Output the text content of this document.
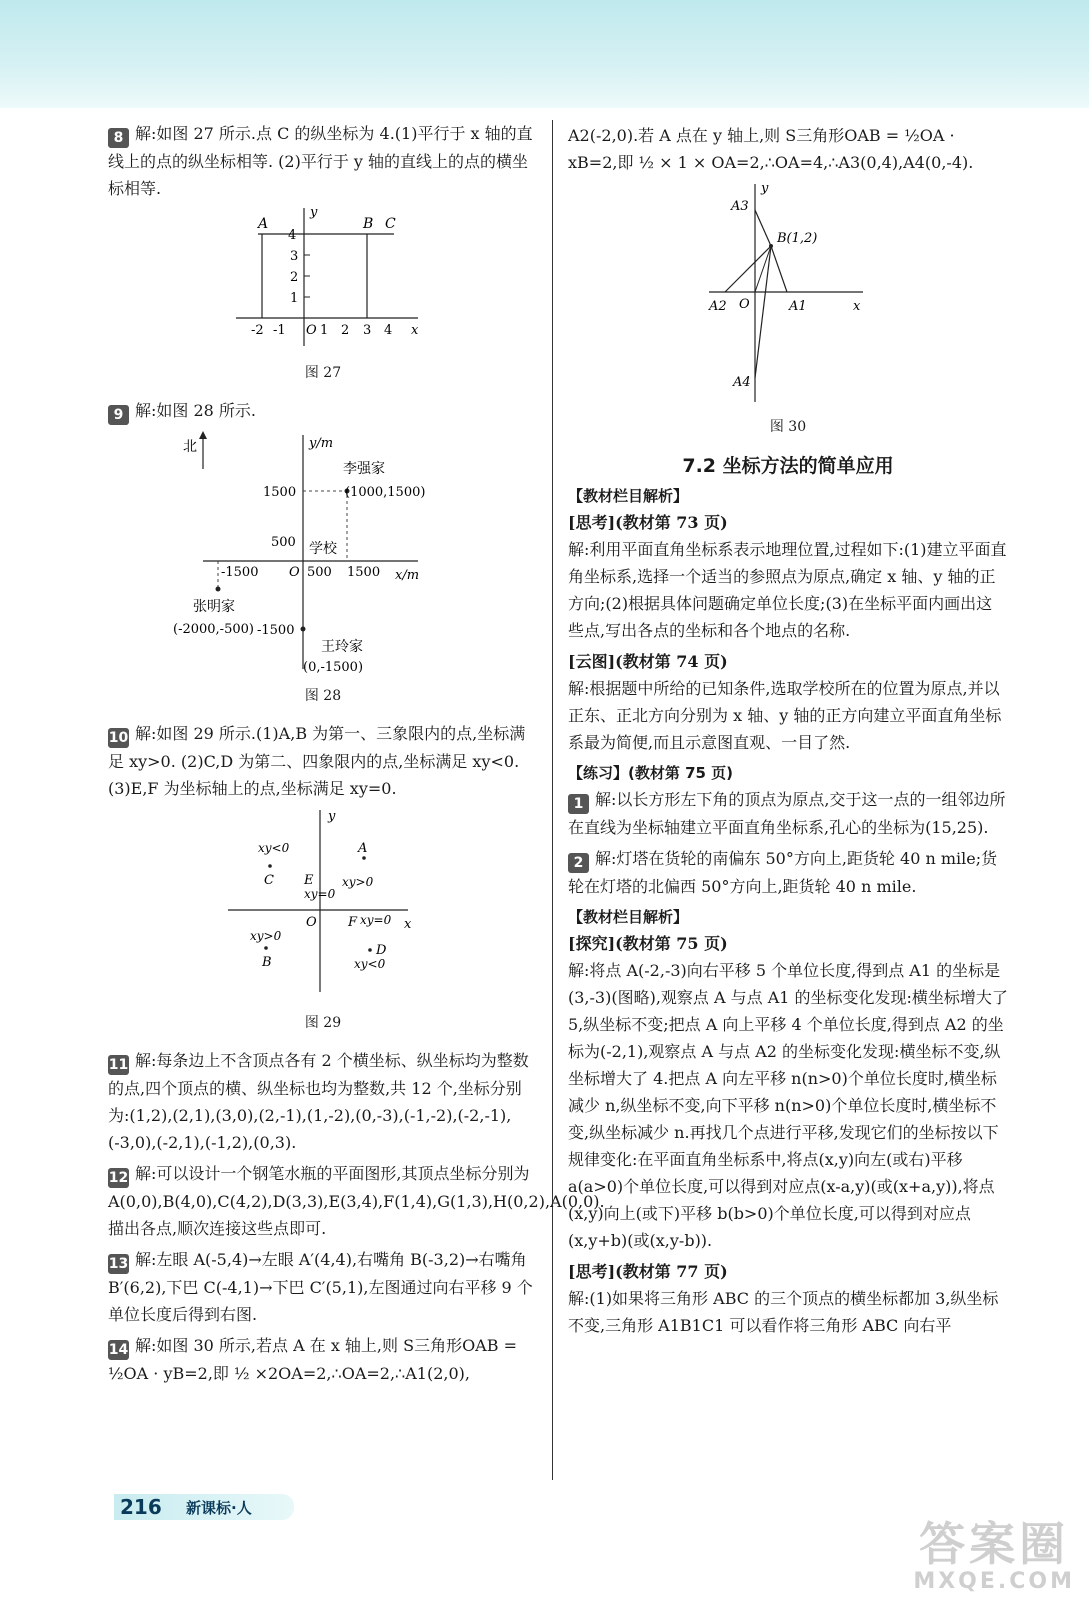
8 解:如图 27 所示.点 C 的纵坐标为 4.(1)平行于 x 轴的直线上的点的纵坐标相等. (2)平行于 y 轴的直线上的点的横坐标相等.

A	B C
y
x
O
4
3
2
1
-2 -1	1 2 3 4
图 27

9 解:如图 28 所示.

北	y/m
x/m
O
1500
500
-1500
-1500	500 1500
学校
李强家
(1000,1500)
张明家
(-2000,-500)
王玲家
(0,-1500)
图 28

10 解:如图 29 所示.(1)A,B 为第一、三象限内的点,坐标满足 xy>0. (2)C,D 为第二、四象限内的点,坐标满足 xy<0. (3)E,F 为坐标轴上的点,坐标满足 xy=0.

y
x
O
xy<0
C
A
xy>0
E
xy=0
F xy=0
xy>0
B
D
xy<0
图 29

11 解:每条边上不含顶点各有 2 个横坐标、纵坐标均为整数的点,四个顶点的横、纵坐标也均为整数,共 12 个,坐标分别为:(1,2),(2,1),(3,0),(2,-1),(1,-2),(0,-3),(-1,-2),(-2,-1),(-3,0),(-2,1),(-1,2),(0,3).

12 解:可以设计一个钢笔水瓶的平面图形,其顶点坐标分别为 A(0,0),B(4,0),C(4,2),D(3,3),E(3,4),F(1,4),G(1,3),H(0,2),A(0,0).描出各点,顺次连接这些点即可.

13 解:左眼 A(-5,4)→左眼 A′(4,4),右嘴角 B(-3,2)→右嘴角 B′(6,2),下巴 C(-4,1)→下巴 C′(5,1),左图通过向右平移 9 个单位长度后得到右图.

14 解:如图 30 所示,若点 A 在 x 轴上,则 S三角形OAB = ½OA · yB=2,即 ½ ×2OA=2,∴OA=2,∴A1(2,0),

A2(-2,0).若 A 点在 y 轴上,则 S三角形OAB = ½OA · xB=2,即 ½ × 1 × OA=2,∴OA=4,∴A3(0,4),A4(0,-4).

y
x
O
B(1,2)
A1
A2
A3
A4
图 30
7.2 坐标方法的简单应用
【教材栏目解析】
[思考](教材第 73 页)

解:利用平面直角坐标系表示地理位置,过程如下:(1)建立平面直角坐标系,选择一个适当的参照点为原点,确定 x 轴、y 轴的正方向;(2)根据具体问题确定单位长度;(3)在坐标平面内画出这些点,写出各点的坐标和各个地点的名称.

[云图](教材第 74 页)

解:根据题中所给的已知条件,选取学校所在的位置为原点,并以正东、正北方向分别为 x 轴、y 轴的正方向建立平面直角坐标系最为简便,而且示意图直观、一目了然.

【练习】(教材第 75 页)

1 解:以长方形左下角的顶点为原点,交于这一点的一组邻边所在直线为坐标轴建立平面直角坐标系,孔心的坐标为(15,25).

2 解:灯塔在货轮的南偏东 50°方向上,距货轮 40 n mile;货轮在灯塔的北偏西 50°方向上,距货轮 40 n mile.

【教材栏目解析】
[探究](教材第 75 页)

解:将点 A(-2,-3)向右平移 5 个单位长度,得到点 A1 的坐标是(3,-3)(图略),观察点 A 与点 A1 的坐标变化发现:横坐标增大了 5,纵坐标不变;把点 A 向上平移 4 个单位长度,得到点 A2 的坐标为(-2,1),观察点 A 与点 A2 的坐标变化发现:横坐标不变,纵坐标增大了 4.把点 A 向左平移 n(n>0)个单位长度时,横坐标减少 n,纵坐标不变,向下平移 n(n>0)个单位长度时,横坐标不变,纵坐标减少 n.再找几个点进行平移,发现它们的坐标按以下规律变化:在平面直角坐标系中,将点(x,y)向左(或右)平移 a(a>0)个单位长度,可以得到对应点(x-a,y)(或(x+a,y)),将点(x,y)向上(或下)平移 b(b>0)个单位长度,可以得到对应点(x,y+b)(或(x,y-b)).

[思考](教材第 77 页)

解:(1)如果将三角形 ABC 的三个顶点的横坐标都加 3,纵坐标不变,三角形 A1B1C1 可以看作将三角形 ABC 向右平

216 新课标·人
答案圈
MXQE.COM
